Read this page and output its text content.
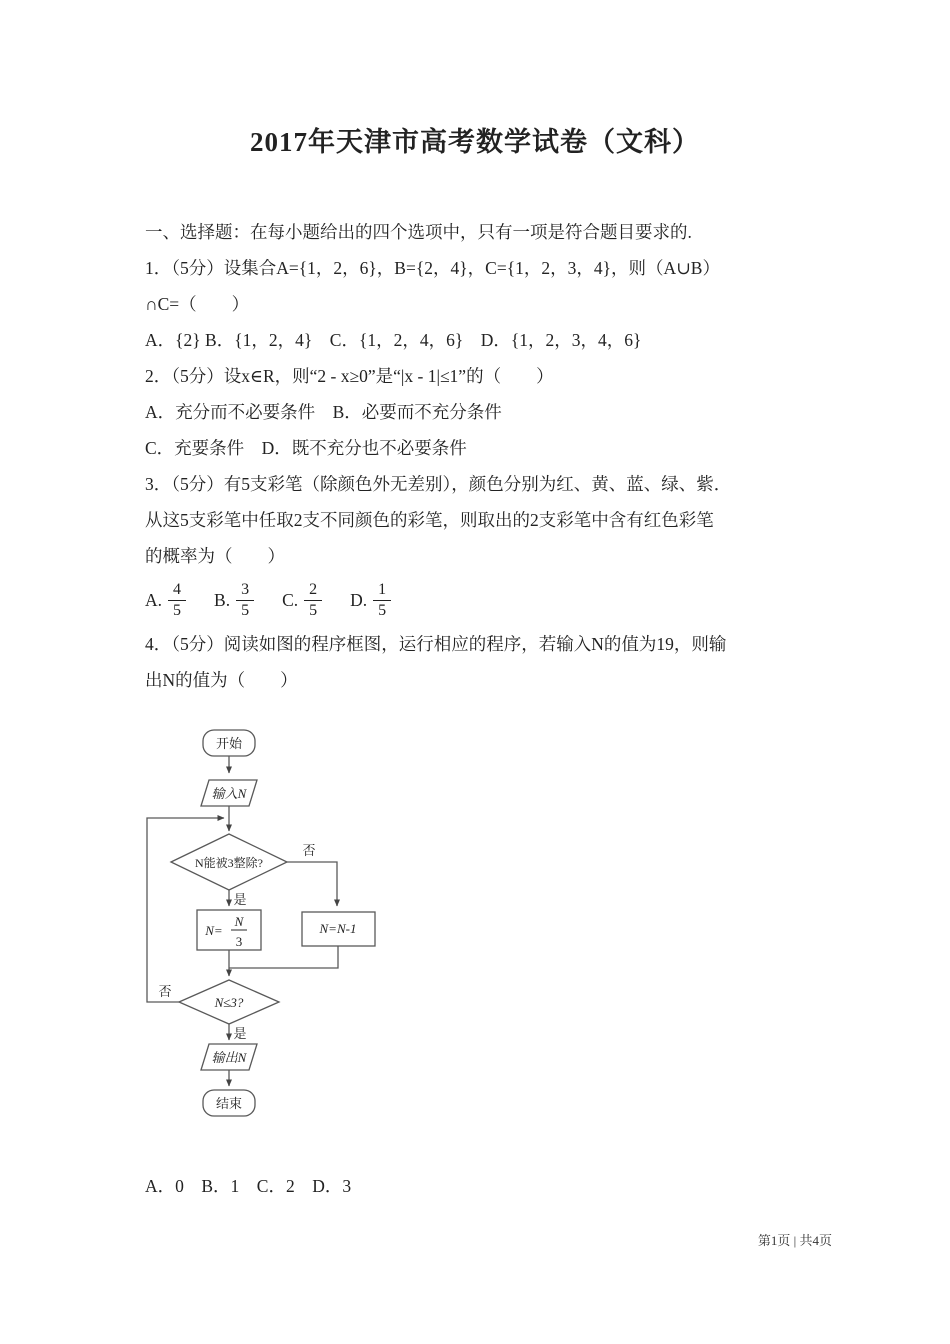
2017年天津市高考数学试卷（文科）
一、选择题：在每小题给出的四个选项中，只有一项是符合题目要求的.
1．（5分）设集合A={1，2，6}，B={2，4}，C={1，2，3，4}，则（A∪B）
∩C=（　　）
A．{2} B．{1，2，4}　C．{1，2，4，6}　D．{1，2，3，4，6}
2．（5分）设x∈R，则“2 - x≥0”是“|x - 1|≤1”的（　　）
A．充分而不必要条件　B．必要而不充分条件
C．充要条件　D．既不充分也不必要条件
3．（5分）有5支彩笔（除颜色外无差别），颜色分别为红、黄、蓝、绿、紫．
从这5支彩笔中任取2支不同颜色的彩笔，则取出的2支彩笔中含有红色彩笔
的概率为（　　）
A. $\frac{4}{5} B$. $\frac{3}{5} C$. $\frac{2}{5} D$. $\frac{1}{5}$
4．（5分）阅读如图的程序框图，运行相应的程序，若输入N的值为19，则输
出N的值为（　　）
开始
输入N
N能被3整除?
否
是
N=
N
3
N=N-1
N≤3?
否
是
输出N
结束
A．0　B．1　C．2　D．3
第1页 | 共4页
